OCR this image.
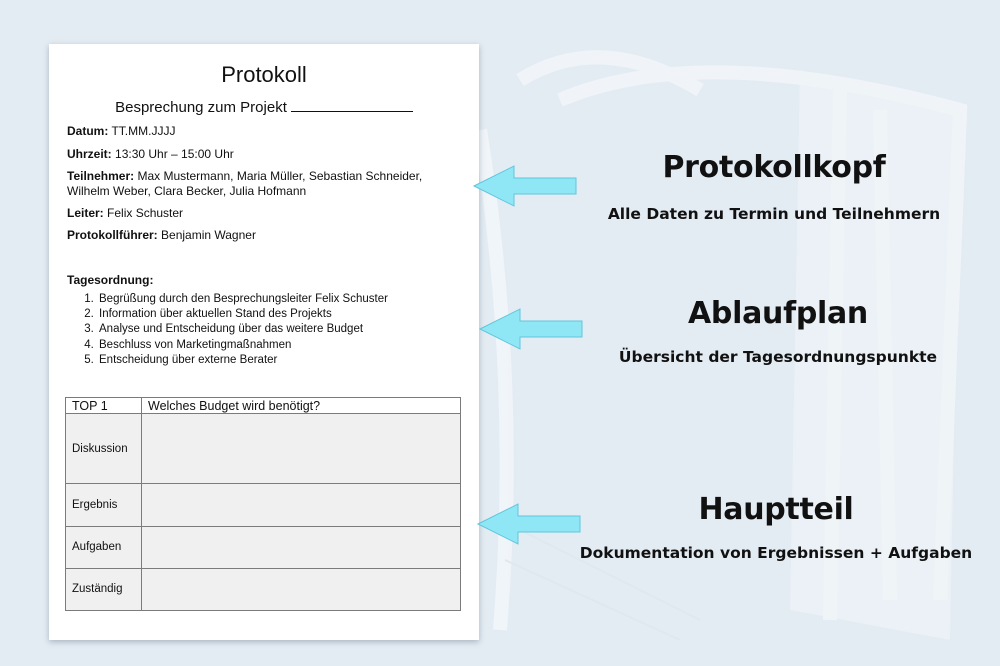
Protokoll
Besprechung zum Projekt
Datum: TT.MM.JJJJ
Uhrzeit: 13:30 Uhr – 15:00 Uhr
Teilnehmer: Max Mustermann, Maria Müller, Sebastian Schneider,
Wilhelm Weber, Clara Becker, Julia Hofmann
Leiter: Felix Schuster
Protokollführer: Benjamin Wagner
Tagesordnung:
1. Begrüßung durch den Besprechungsleiter Felix Schuster
2. Information über aktuellen Stand des Projekts
3. Analyse und Entscheidung über das weitere Budget
4. Beschluss von Marketingmaßnahmen
5. Entscheidung über externe Berater
TOP 1	Welches Budget wird benötigt?
Diskussion	
Ergebnis	
Aufgaben	
Zuständig	
Protokollkopf
Alle Daten zu Termin und Teilnehmern
Ablaufplan
Übersicht der Tagesordnungspunkte
Hauptteil
Dokumentation von Ergebnissen + Aufgaben
